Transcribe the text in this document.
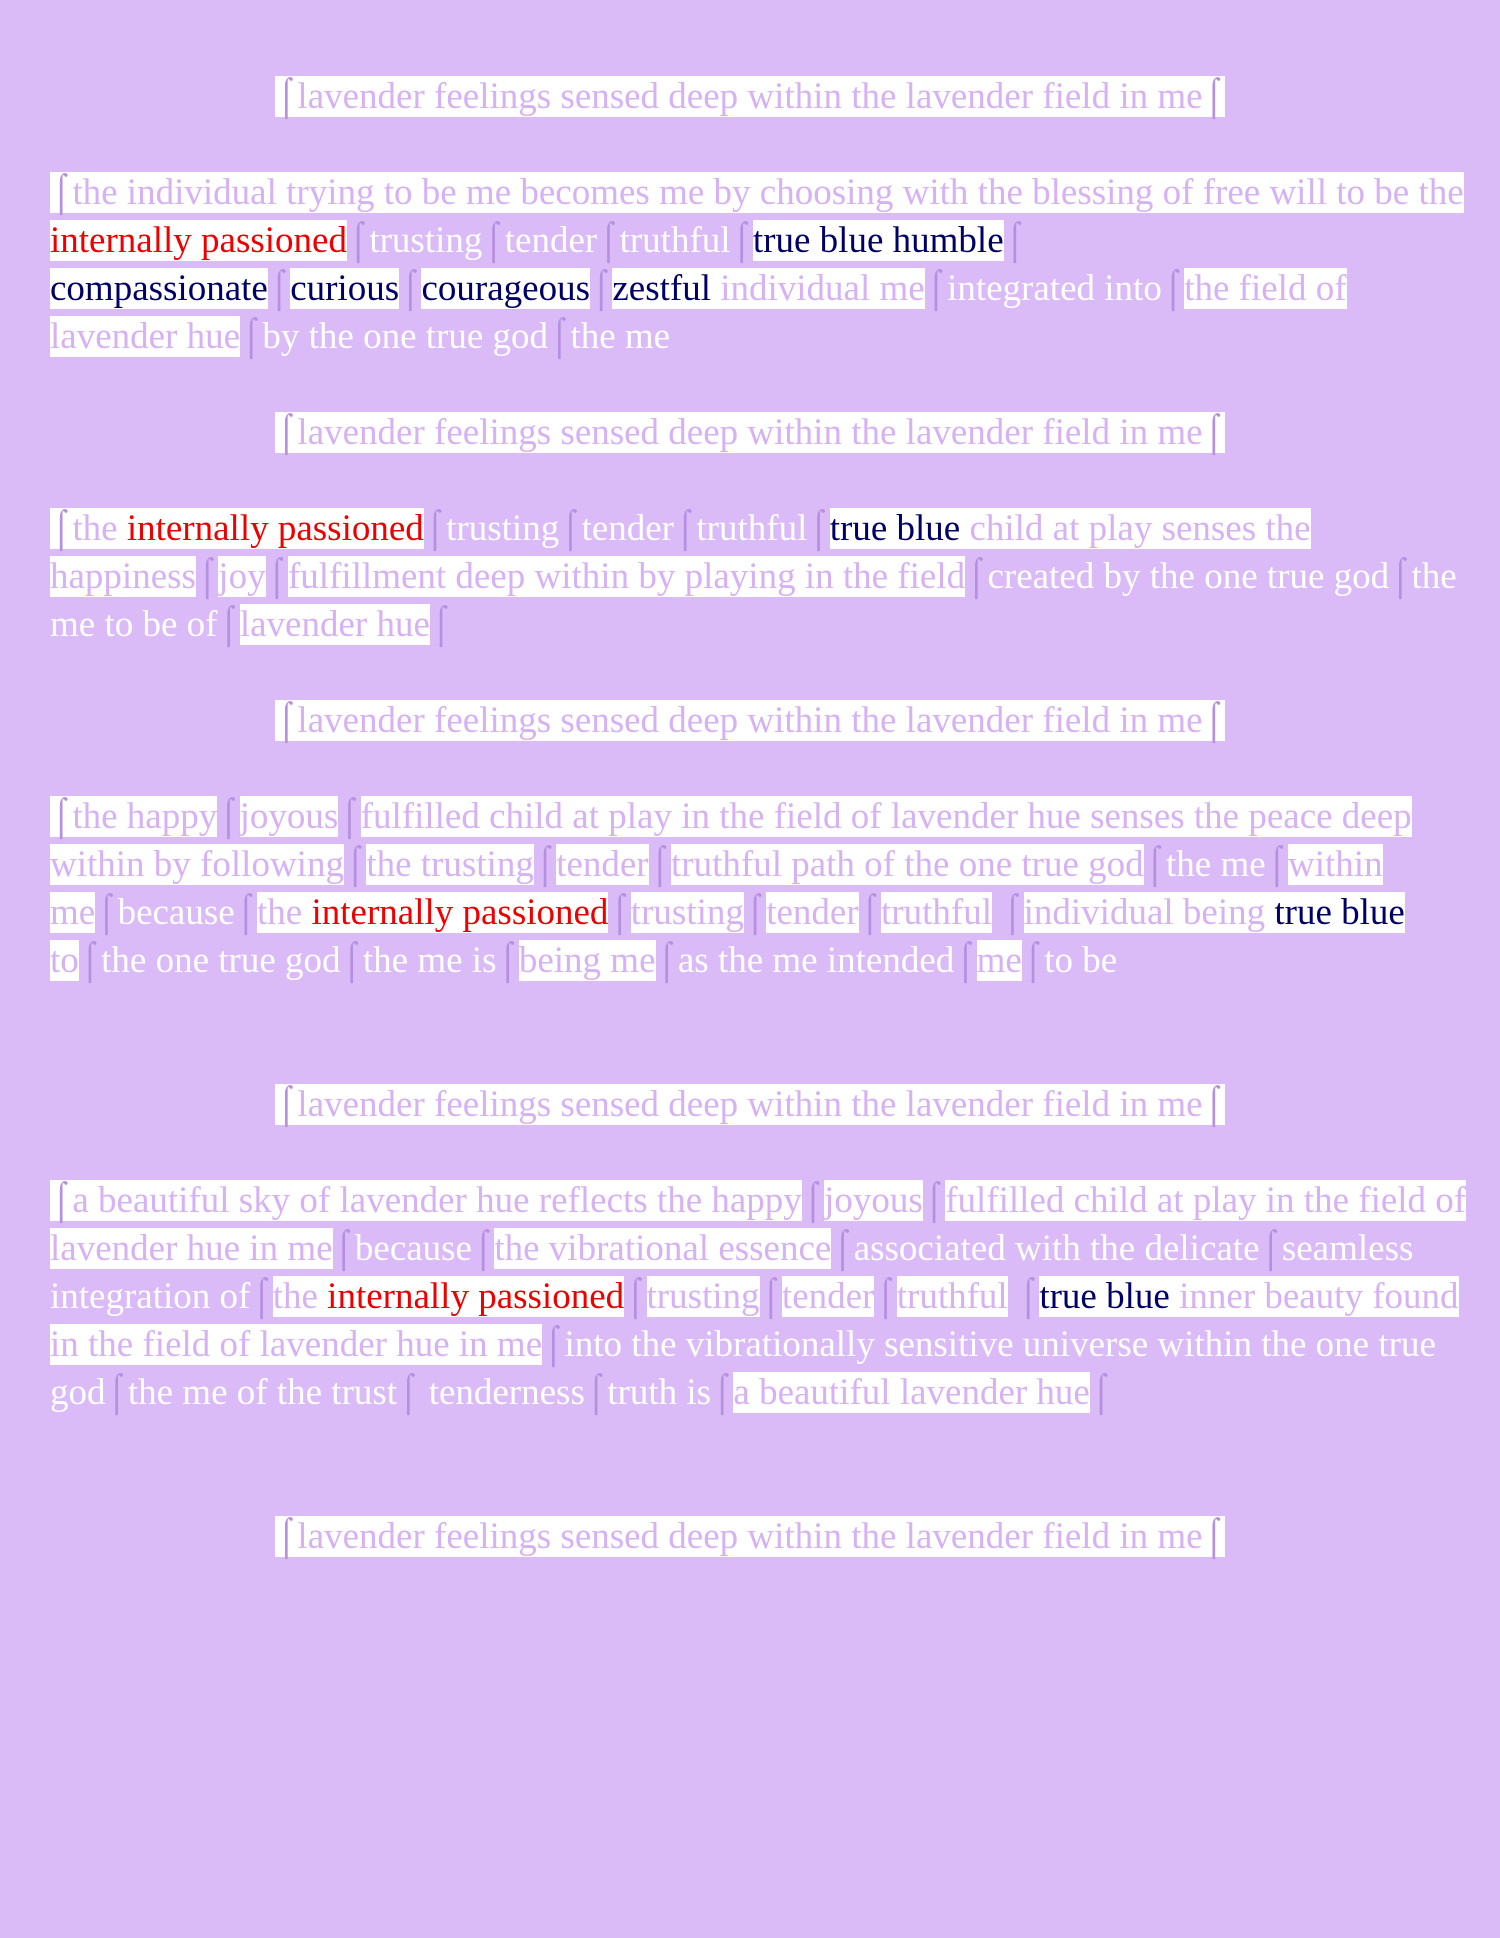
⌠lavender feelings sensed deep within the lavender field in me⌠

⌠the individual trying to be me becomes me by choosing with the blessing of free will to be the internally passioned⌠trusting⌠tender⌠truthful⌠true blue humble⌠ compassionate⌠curious⌠courageous⌠zestful individual me⌠integrated into⌠the field of lavender hue⌠by the one true god⌠the me

⌠lavender feelings sensed deep within the lavender field in me⌠

⌠the internally passioned⌠trusting⌠tender⌠truthful⌠true blue child at play senses the happiness⌠joy⌠fulfillment deep within by playing in the field⌠created by the one true god⌠the me to be of⌠lavender hue⌠

⌠lavender feelings sensed deep within the lavender field in me⌠

⌠the happy⌠joyous⌠fulfilled child at play in the field of lavender hue senses the peace deep within by following⌠the trusting⌠tender⌠truthful path of the one true god⌠the me⌠within me⌠because⌠the internally passioned⌠trusting⌠tender⌠truthful ⌠individual being true blue to⌠the one true god⌠the me is⌠being me⌠as the me intended⌠me⌠to be

⌠lavender feelings sensed deep within the lavender field in me⌠

⌠a beautiful sky of lavender hue reflects the happy⌠joyous⌠fulfilled child at play in the field of lavender hue in me⌠because⌠the vibrational essence⌠associated with the delicate⌠seamless integration of⌠the internally passioned⌠trusting⌠tender⌠truthful ⌠true blue inner beauty found in the field of lavender hue in me⌠into the vibrationally sensitive universe within the one true god⌠the me of the trust⌠ tenderness⌠truth is⌠a beautiful lavender hue⌠

⌠lavender feelings sensed deep within the lavender field in me⌠
